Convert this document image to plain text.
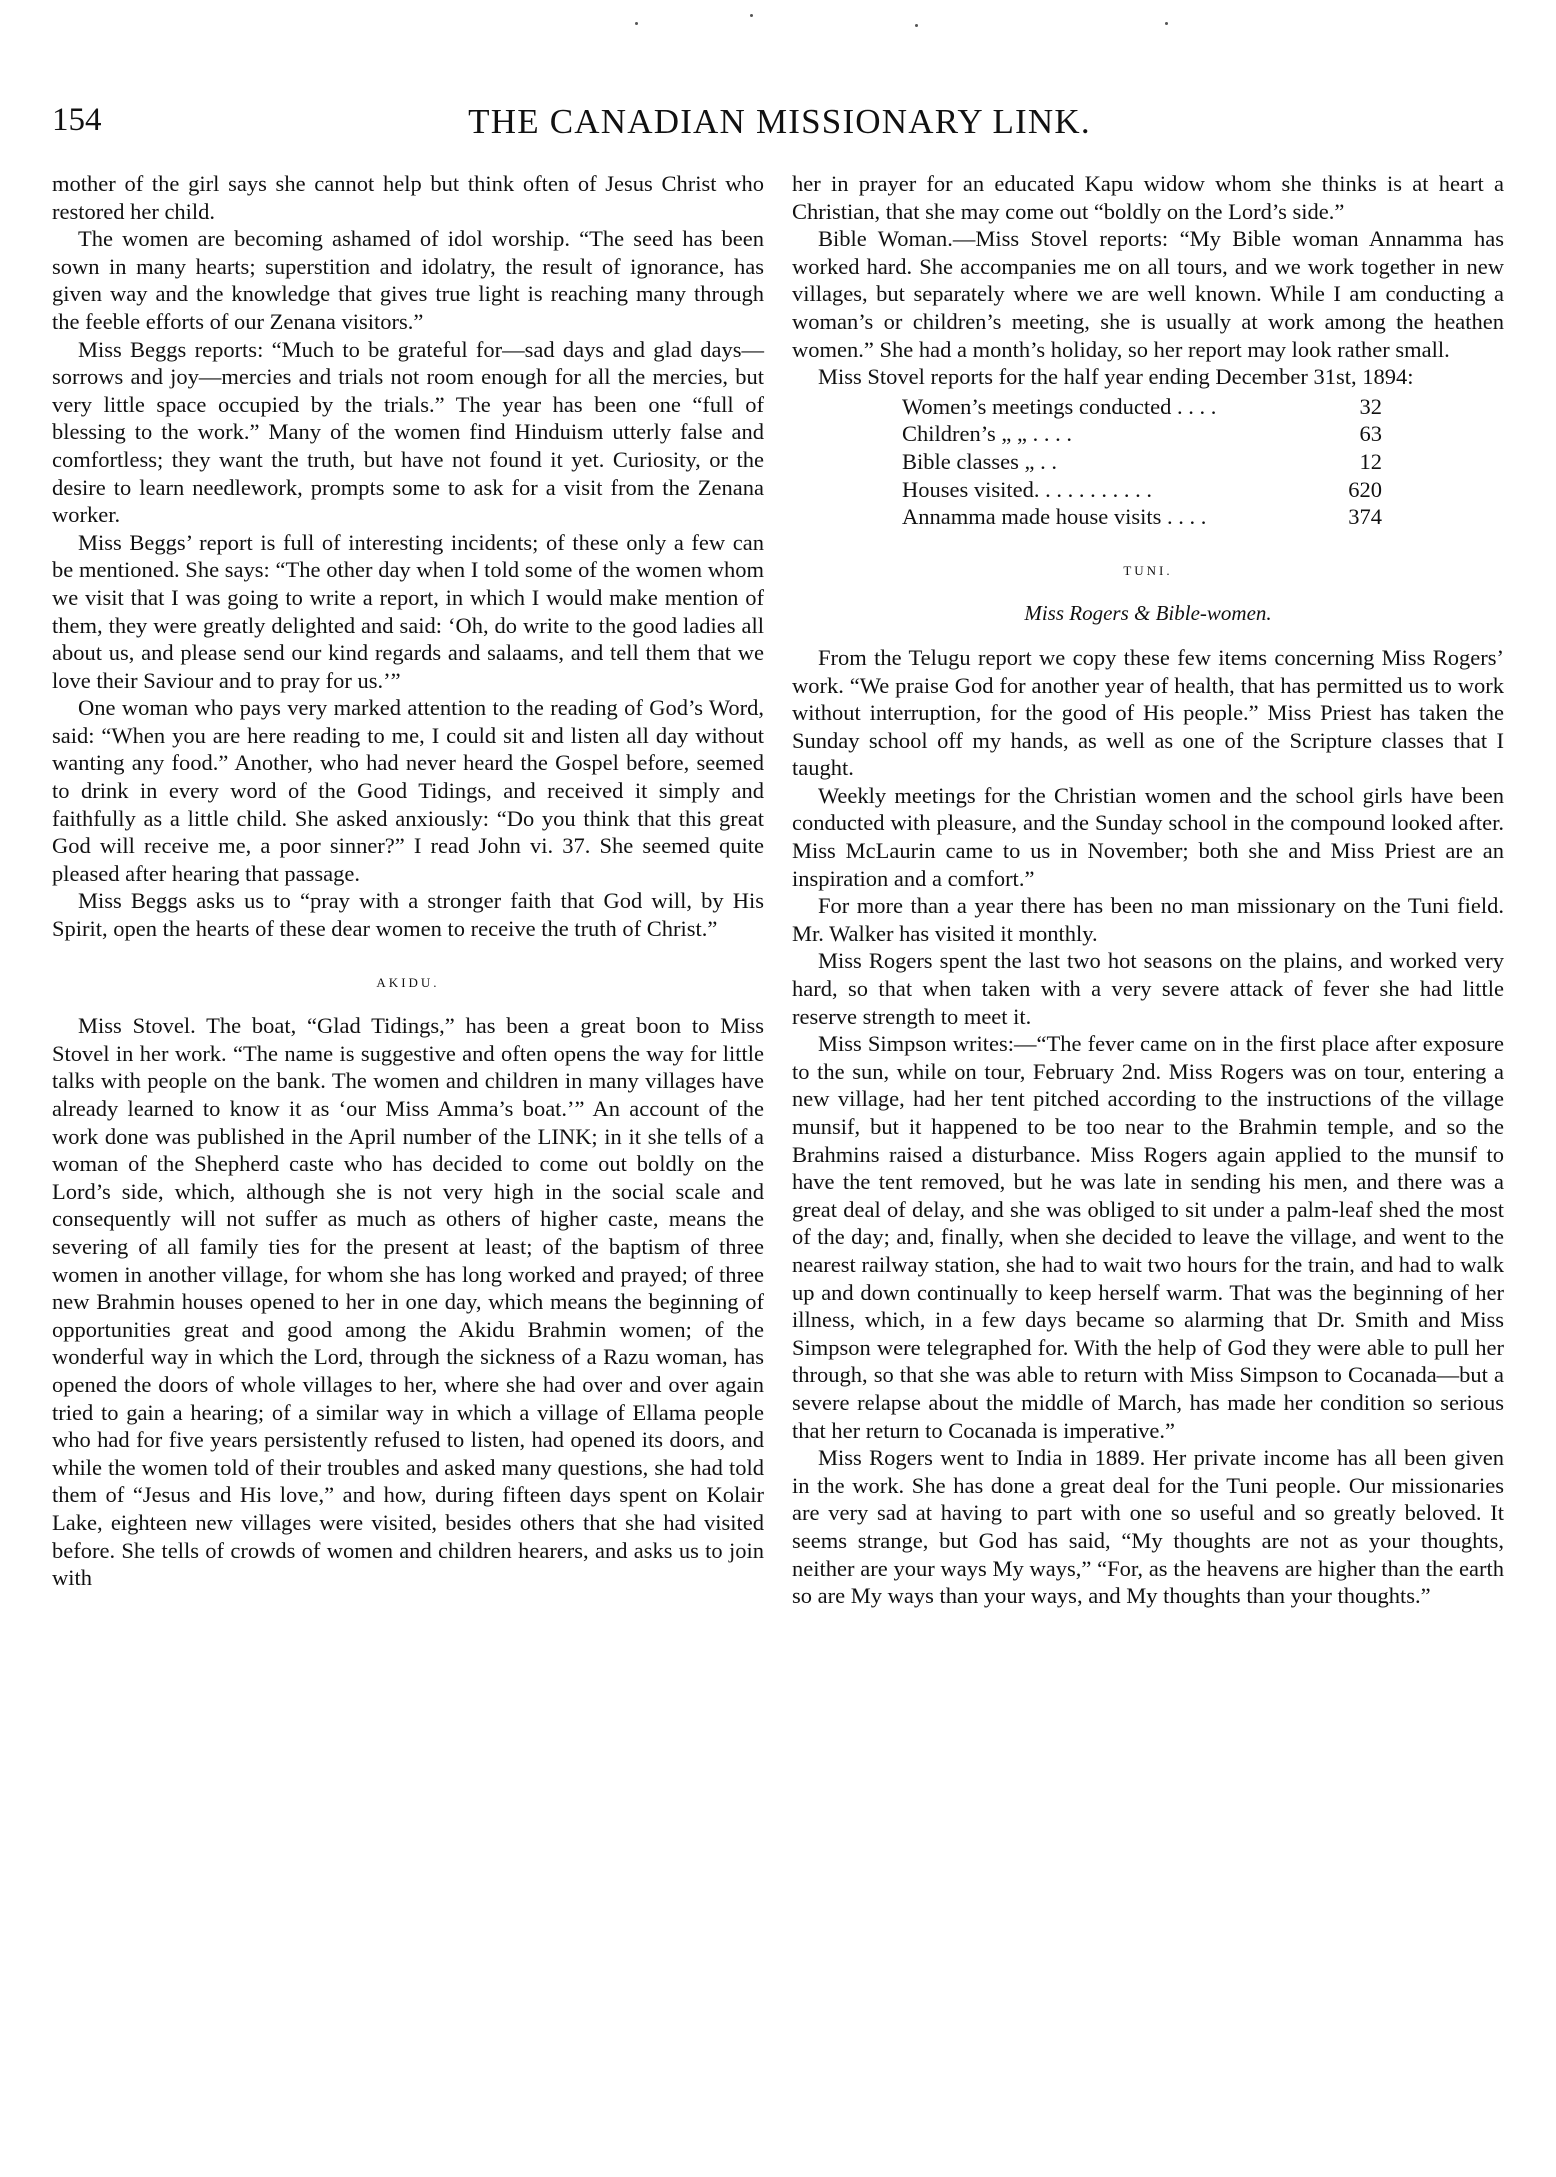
154	THE CANADIAN MISSIONARY LINK.

mother of the girl says she cannot help but think often of Jesus Christ who restored her child.

The women are becoming ashamed of idol worship. “The seed has been sown in many hearts; superstition and idolatry, the result of ignorance, has given way and the knowledge that gives true light is reaching many through the feeble efforts of our Zenana visitors.”

Miss Beggs reports: “Much to be grateful for—sad days and glad days—sorrows and joy—mercies and trials not room enough for all the mercies, but very little space occupied by the trials.” The year has been one “full of blessing to the work.” Many of the women find Hinduism utterly false and comfortless; they want the truth, but have not found it yet. Curiosity, or the desire to learn needlework, prompts some to ask for a visit from the Zenana worker.

Miss Beggs’ report is full of interesting incidents; of these only a few can be mentioned. She says: “The other day when I told some of the women whom we visit that I was going to write a report, in which I would make mention of them, they were greatly delighted and said: ‘Oh, do write to the good ladies all about us, and please send our kind regards and salaams, and tell them that we love their Saviour and to pray for us.’”

One woman who pays very marked attention to the reading of God’s Word, said: “When you are here reading to me, I could sit and listen all day without wanting any food.” Another, who had never heard the Gospel before, seemed to drink in every word of the Good Tidings, and received it simply and faithfully as a little child. She asked anxiously: “Do you think that this great God will receive me, a poor sinner?” I read John vi. 37. She seemed quite pleased after hearing that passage.

Miss Beggs asks us to “pray with a stronger faith that God will, by His Spirit, open the hearts of these dear women to receive the truth of Christ.”

AKIDU.

Miss Stovel. The boat, “Glad Tidings,” has been a great boon to Miss Stovel in her work. “The name is suggestive and often opens the way for little talks with people on the bank. The women and children in many villages have already learned to know it as ‘our Miss Amma’s boat.’” An account of the work done was published in the April number of the LINK; in it she tells of a woman of the Shepherd caste who has decided to come out boldly on the Lord’s side, which, although she is not very high in the social scale and consequently will not suffer as much as others of higher caste, means the severing of all family ties for the present at least; of the baptism of three women in another village, for whom she has long worked and prayed; of three new Brahmin houses opened to her in one day, which means the beginning of opportunities great and good among the Akidu Brahmin women; of the wonderful way in which the Lord, through the sickness of a Razu woman, has opened the doors of whole villages to her, where she had over and over again tried to gain a hearing; of a similar way in which a village of Ellama people who had for five years persistently refused to listen, had opened its doors, and while the women told of their troubles and asked many questions, she had told them of “Jesus and His love,” and how, during fifteen days spent on Kolair Lake, eighteen new villages were visited, besides others that she had visited before. She tells of crowds of women and children hearers, and asks us to join with

her in prayer for an educated Kapu widow whom she thinks is at heart a Christian, that she may come out “boldly on the Lord’s side.”

Bible Woman.—Miss Stovel reports: “My Bible woman Annamma has worked hard. She accompanies me on all tours, and we work together in new villages, but separately where we are well known. While I am conducting a woman’s or children’s meeting, she is usually at work among the heathen women.” She had a month’s holiday, so her report may look rather small.

Miss Stovel reports for the half year ending December 31st, 1894:

Women’s meetings conducted . . . .	32
Children’s „ „ . . . .	63
Bible classes „ . .	12
Houses visited. . . . . . . . . . .	620
Annamma made house visits . . . .	374
TUNI.
Miss Rogers & Bible-women.

From the Telugu report we copy these few items concerning Miss Rogers’ work. “We praise God for another year of health, that has permitted us to work without interruption, for the good of His people.” Miss Priest has taken the Sunday school off my hands, as well as one of the Scripture classes that I taught.

Weekly meetings for the Christian women and the school girls have been conducted with pleasure, and the Sunday school in the compound looked after. Miss McLaurin came to us in November; both she and Miss Priest are an inspiration and a comfort.”

For more than a year there has been no man missionary on the Tuni field. Mr. Walker has visited it monthly.

Miss Rogers spent the last two hot seasons on the plains, and worked very hard, so that when taken with a very severe attack of fever she had little reserve strength to meet it.

Miss Simpson writes:—“The fever came on in the first place after exposure to the sun, while on tour, February 2nd. Miss Rogers was on tour, entering a new village, had her tent pitched according to the instructions of the village munsif, but it happened to be too near to the Brahmin temple, and so the Brahmins raised a disturbance. Miss Rogers again applied to the munsif to have the tent removed, but he was late in sending his men, and there was a great deal of delay, and she was obliged to sit under a palm-leaf shed the most of the day; and, finally, when she decided to leave the village, and went to the nearest railway station, she had to wait two hours for the train, and had to walk up and down continually to keep herself warm. That was the beginning of her illness, which, in a few days became so alarming that Dr. Smith and Miss Simpson were telegraphed for. With the help of God they were able to pull her through, so that she was able to return with Miss Simpson to Cocanada—but a severe relapse about the middle of March, has made her condition so serious that her return to Cocanada is imperative.”

Miss Rogers went to India in 1889. Her private income has all been given in the work. She has done a great deal for the Tuni people. Our missionaries are very sad at having to part with one so useful and so greatly beloved. It seems strange, but God has said, “My thoughts are not as your thoughts, neither are your ways My ways,” “For, as the heavens are higher than the earth so are My ways than your ways, and My thoughts than your thoughts.”
